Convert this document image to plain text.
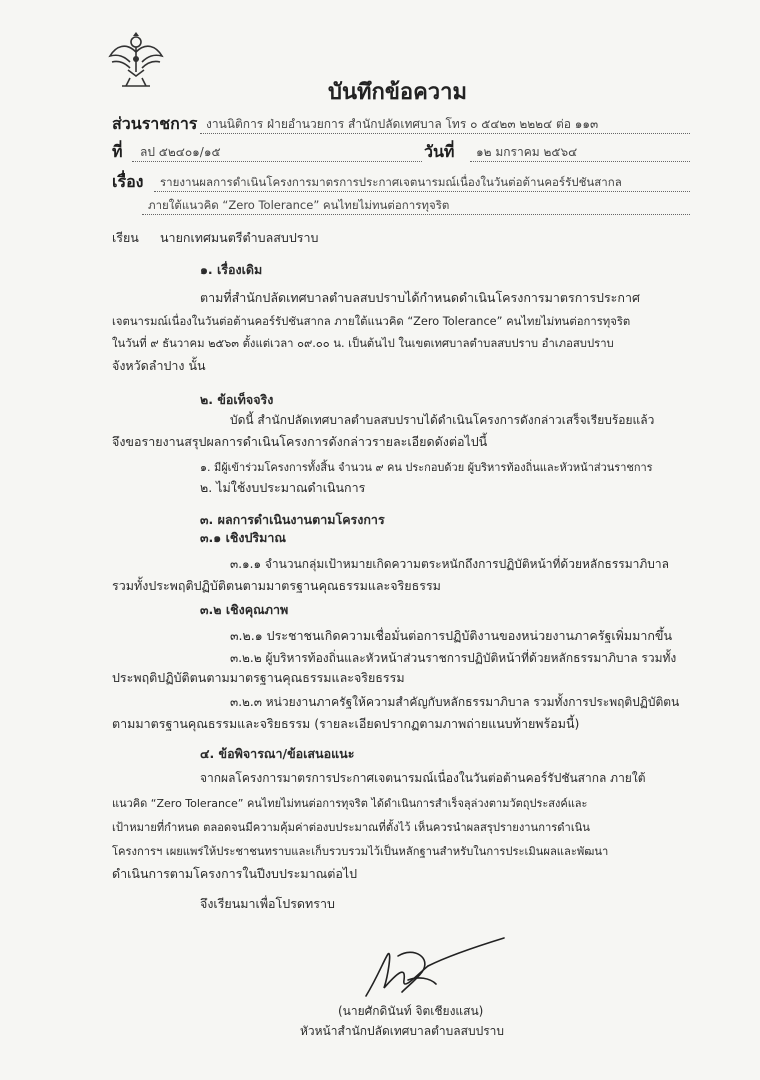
บันทึกข้อความ
ส่วนราชการ งานนิติการ ฝ่ายอำนวยการ สำนักปลัดเทศบาล โทร ๐ ๕๔๒๓ ๒๒๒๔ ต่อ ๑๑๓
ที่ ลป ๕๒๔๐๑/๑๕	วันที่ ๑๒ มกราคม ๒๕๖๔
เรื่อง รายงานผลการดำเนินโครงการมาตรการประกาศเจตนารมณ์เนื่องในวันต่อต้านคอร์รัปชันสากล
ภายใต้แนวคิด “Zero Tolerance” คนไทยไม่ทนต่อการทุจริต
เรียน นายกเทศมนตรีตำบลสบปราบ
๑. เรื่องเดิม
ตามที่สำนักปลัดเทศบาลตำบลสบปราบได้กำหนดดำเนินโครงการมาตรการประกาศ
เจตนารมณ์เนื่องในวันต่อต้านคอร์รัปชันสากล ภายใต้แนวคิด “Zero Tolerance” คนไทยไม่ทนต่อการทุจริต
ในวันที่ ๙ ธันวาคม ๒๕๖๓ ตั้งแต่เวลา ๐๙.๐๐ น. เป็นต้นไป ในเขตเทศบาลตำบลสบปราบ อำเภอสบปราบ
จังหวัดลำปาง นั้น
๒. ข้อเท็จจริง
บัดนี้ สำนักปลัดเทศบาลตำบลสบปราบได้ดำเนินโครงการดังกล่าวเสร็จเรียบร้อยแล้ว
จึงขอรายงานสรุปผลการดำเนินโครงการดังกล่าวรายละเอียดดังต่อไปนี้
๑. มีผู้เข้าร่วมโครงการทั้งสิ้น จำนวน ๙ คน ประกอบด้วย ผู้บริหารท้องถิ่นและหัวหน้าส่วนราชการ
๒. ไม่ใช้งบประมาณดำเนินการ
๓. ผลการดำเนินงานตามโครงการ
๓.๑ เชิงปริมาณ
๓.๑.๑ จำนวนกลุ่มเป้าหมายเกิดความตระหนักถึงการปฏิบัติหน้าที่ด้วยหลักธรรมาภิบาล
รวมทั้งประพฤติปฏิบัติตนตามมาตรฐานคุณธรรมและจริยธรรม
๓.๒ เชิงคุณภาพ
๓.๒.๑ ประชาชนเกิดความเชื่อมั่นต่อการปฏิบัติงานของหน่วยงานภาครัฐเพิ่มมากขึ้น
๓.๒.๒ ผู้บริหารท้องถิ่นและหัวหน้าส่วนราชการปฏิบัติหน้าที่ด้วยหลักธรรมาภิบาล รวมทั้ง
ประพฤติปฏิบัติตนตามมาตรฐานคุณธรรมและจริยธรรม
๓.๒.๓ หน่วยงานภาครัฐให้ความสำคัญกับหลักธรรมาภิบาล รวมทั้งการประพฤติปฏิบัติตน
ตามมาตรฐานคุณธรรมและจริยธรรม (รายละเอียดปรากฏตามภาพถ่ายแนบท้ายพร้อมนี้)
๔. ข้อพิจารณา/ข้อเสนอแนะ
จากผลโครงการมาตรการประกาศเจตนารมณ์เนื่องในวันต่อต้านคอร์รัปชันสากล ภายใต้
แนวคิด “Zero Tolerance” คนไทยไม่ทนต่อการทุจริต ได้ดำเนินการสำเร็จลุล่วงตามวัตถุประสงค์และ
เป้าหมายที่กำหนด ตลอดจนมีความคุ้มค่าต่องบประมาณที่ตั้งไว้ เห็นควรนำผลสรุปรายงานการดำเนิน
โครงการฯ เผยแพร่ให้ประชาชนทราบและเก็บรวบรวมไว้เป็นหลักฐานสำหรับในการประเมินผลและพัฒนา
ดำเนินการตามโครงการในปีงบประมาณต่อไป
จึงเรียนมาเพื่อโปรดทราบ
(นายศักดินันท์ จิตเชียงแสน)
หัวหน้าสำนักปลัดเทศบาลตำบลสบปราบ
